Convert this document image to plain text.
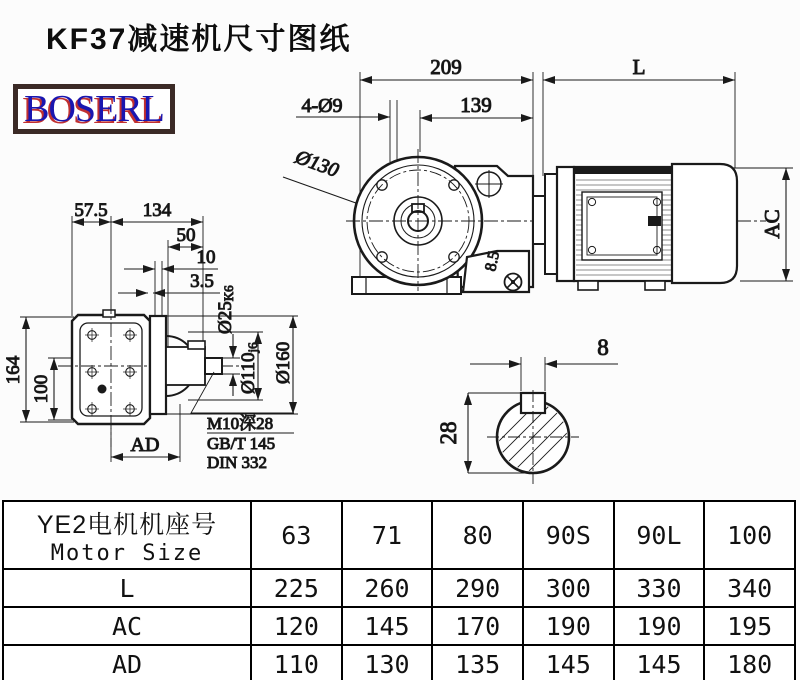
KF37减速机尺寸图纸
BOSERL
209	L
139
4-Ø9
Ø130
8.5
AC
57.5 134
50
10
3.5
164
100
AD
Ø25K6
Ø110j6 Ø160
M10深28
GB/T 145
DIN 332
8
28
YE2电机机座号
Motor Size	63	71	80	90S	90L	100
L	225	260	290	300	330	340
AC	120	145	170	190	190	195
AD	110	130	135	145	145	180
